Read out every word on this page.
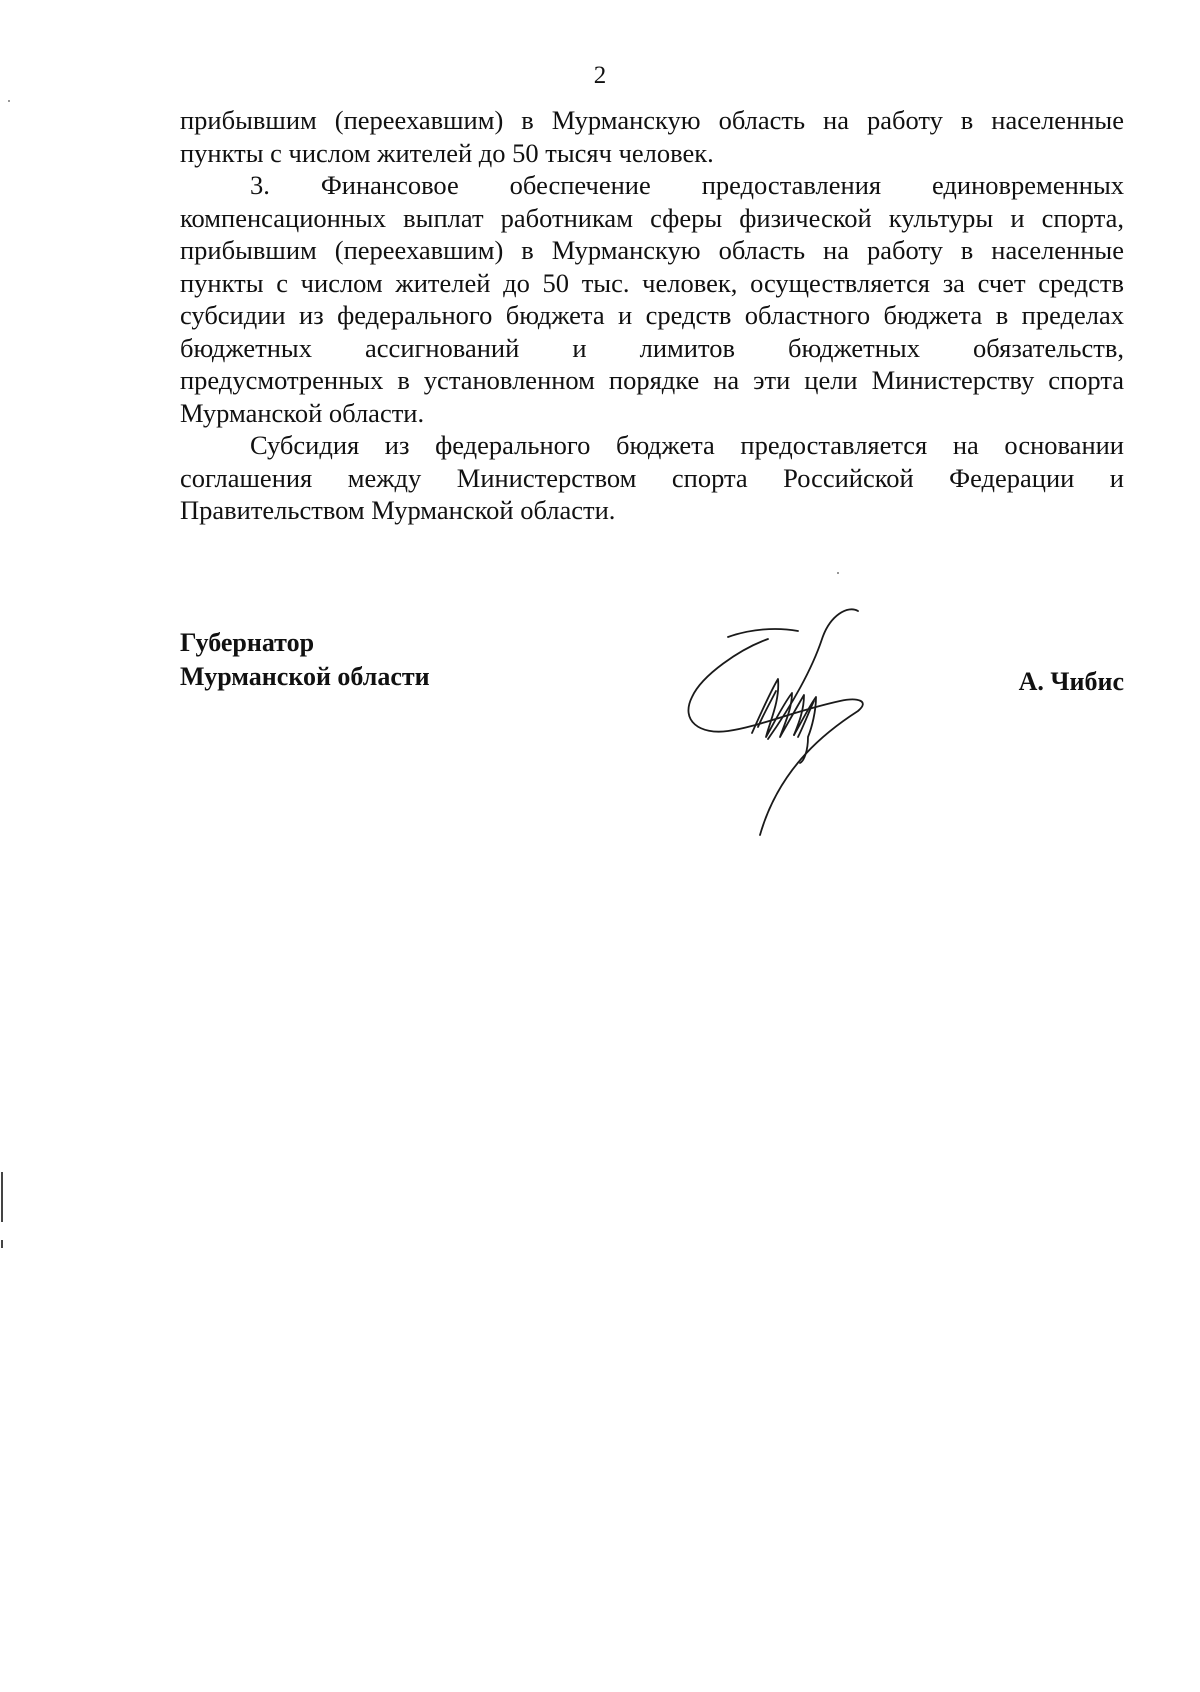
2
прибывшим (переехавшим) в Мурманскую область на работу в населенные
пункты с числом жителей до 50 тысяч человек.
3. Финансовое обеспечение предоставления единовременных
компенсационных выплат работникам сферы физической культуры и спорта,
прибывшим (переехавшим) в Мурманскую область на работу в населенные
пункты с числом жителей до 50 тыс. человек, осуществляется за счет средств
субсидии из федерального бюджета и средств областного бюджета в пределах
бюджетных ассигнований и лимитов бюджетных обязательств,
предусмотренных в установленном порядке на эти цели Министерству спорта
Мурманской области.
Субсидия из федерального бюджета предоставляется на основании
соглашения между Министерством спорта Российской Федерации и
Правительством Мурманской области.
Губернатор
Мурманской области	А. Чибис
